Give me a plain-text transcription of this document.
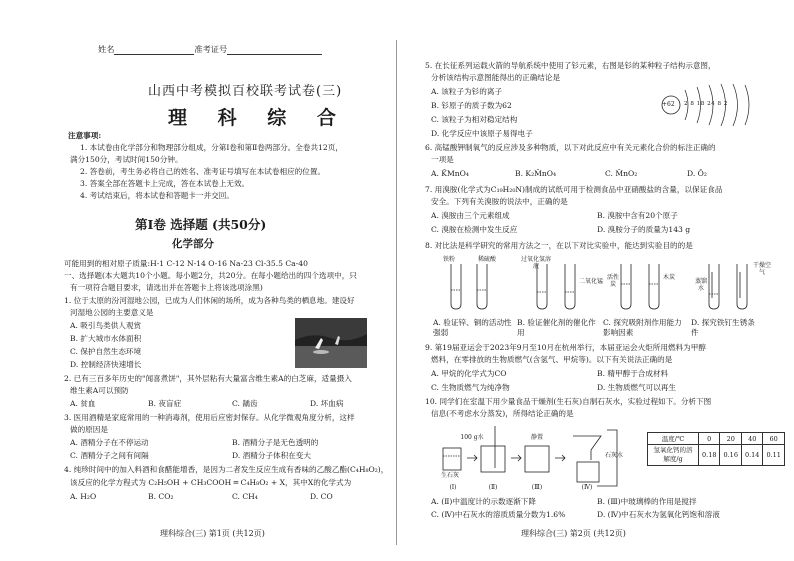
姓名	准考证号
山西中考模拟百校联考试卷(三)
理 科 综 合
注意事项:
1. 本试卷由化学部分和物理部分组成，分第Ⅰ卷和第Ⅱ卷两部分。全卷共12页，
满分150分，考试时间150分钟。
2. 答卷前，考生务必将自己的姓名、准考证号填写在本试卷相应的位置。
3. 答案全部在答题卡上完成，答在本试卷上无效。
4. 考试结束后，将本试卷和答题卡一并交回。
第Ⅰ卷 选择题 (共50分)
化学部分
可能用到的相对原子质量:H-1 C-12 N-14 O-16 Na-23 Cl-35.5 Ca-40
一、选择题(本大题共10个小题。每小题2分，共20分。在每小题给出的四个选项中，只
有一项符合题目要求，请选出并在答题卡上将该选项涂黑)
1. 位于太原的汾河湿地公园，已成为人们休闲的场所，成为各种鸟类的栖息地。建设好
河湿地公园的主要意义是
A. 吸引鸟类供人观赏
B. 扩大城市水体面积
C. 保护自然生态环境
D. 控制经济快速增长
2. 已有三百多年历史的"闻喜煮饼"，其外层粘有大量富含维生素A的白芝麻，适量摄入
维生素A可以预防
A. 贫血	B. 夜盲症	C. 龋齿	D. 坏血病
3. 医用酒精是家庭常用的一种消毒剂，使用后应密封保存。从化学微观角度分析，这样
做的原因是
A. 酒精分子在不停运动	B. 酒精分子是无色透明的
C. 酒精分子之间有间隔	D. 酒精分子体积在变大
4. 纯珍时间中的加入料酒和食醋能增香，是因为二者发生反应生成有香味的乙酸乙酯(C₄H₈O₂)，
该反应的化学方程式为 C₂H₅OH + CH₃COOH ═ C₄H₈O₂ + X，其中X的化学式为
A. H₂O	B. CO₂	C. CH₄	D. CO
理科综合(三) 第1页 (共12页)
5. 在长征系列运载火箭的导航系统中使用了钐元素，右图是钐的某种粒子结构示意图，
分析该结构示意图能得出的正确结论是
A. 该粒子为钐的离子
B. 钐原子的质子数为62
C. 该粒子为相对稳定结构
D. 化学反应中该原子易得电子
+62 2 8 18 24 8 2
6. 高锰酸钾制氧气的反应涉及多种物质，以下对此反应中有关元素化合价的标注正确的
一项是
A. K̂MnO₄	B. K₂M̂nO₄	C. M̂nO₂	D. Ô₂
7. 用溴胺(化学式为C₁₉H₂₀N)制成的试纸可用于检测食品中亚硝酸盐的含量，以保证食品
安全。下列有关溴胺的说法中，正确的是
A. 溴胺由三个元素组成	B. 溴胺中含有20个原子
C. 溴胺在检测中发生反应	D. 溴胺分子的质量为143 g
8. 对比法是科学研究的常用方法之一，在以下对比实验中，能达到实验目的的是
铁粉	稀硫酸	过氧化氢溶液
二氧化锰
活性炭
木炭
蒸馏水
干燥空气
A. 验证锌、铜的活动性强弱
B. 验证催化剂的催化作用
C. 探究吸附剂作用能力影响因素
D. 探究铁钉生锈条件
9. 第19届亚运会于2023年9月至10月在杭州举行，本届亚运会火炬所用燃料为甲醇
燃料，在零排放的生物质燃气(含氢气、甲烷等)。以下有关说法正确的是
A. 甲烷的化学式为CO	B. 精甲醇于合成材料
C. 生物质燃气为纯净物	D. 生物质燃气可以再生
10. 同学们在室温下用少量食品干燥剂(生石灰)自制石灰水，实验过程如下。分析下图
信息(不考虑水分蒸发)，所得结论正确的是
100 g水
生石灰
静置
石灰水
(Ⅰ)	(Ⅱ)	(Ⅲ)	(Ⅳ)
温度/℃	0	20	40	60
氢氧化钙的溶解度/g	0.18	0.16	0.14	0.11
A. (Ⅱ)中温度计的示数逐渐下降	B. (Ⅲ)中玻璃棒的作用是搅拌
C. (Ⅳ)中石灰水的溶质质量分数为1.6%	D. (Ⅳ)中石灰水为氢氧化钙饱和溶液
理科综合(三) 第2页 (共12页)
